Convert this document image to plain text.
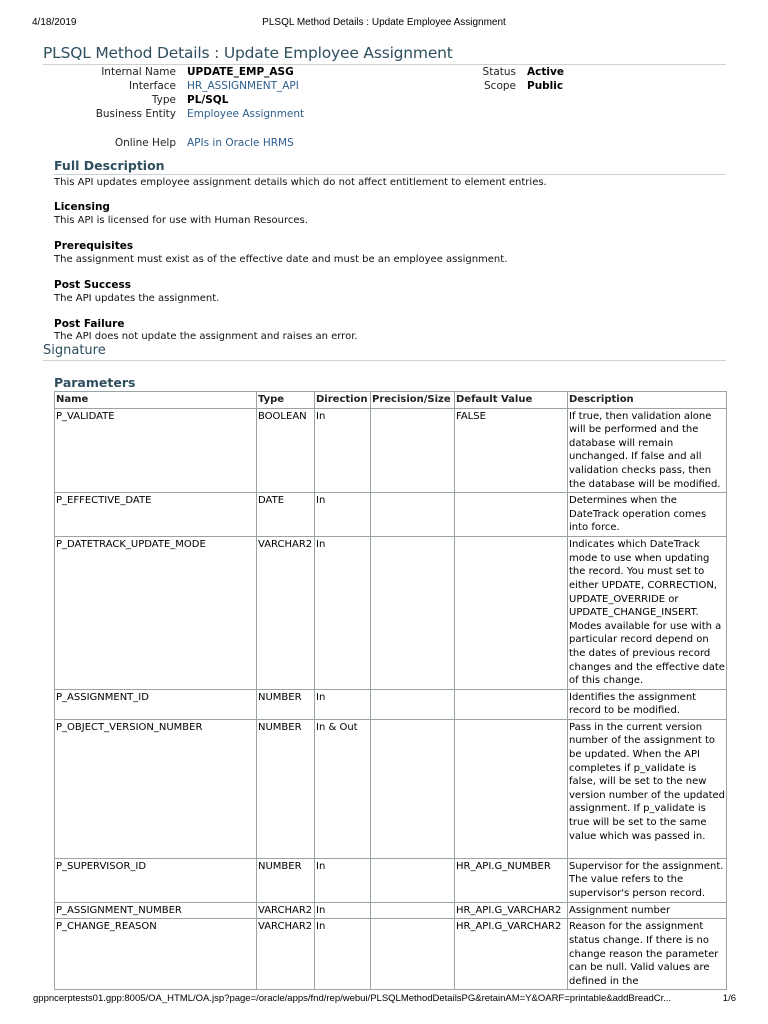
4/18/2019	PLSQL Method Details : Update Employee Assignment
PLSQL Method Details : Update Employee Assignment
Internal Name UPDATE_EMP_ASG
Interface HR_ASSIGNMENT_API
Type PL/SQL
Business Entity Employee Assignment
Online Help APIs in Oracle HRMS
Status Active
Scope Public
Full Description
This API updates employee assignment details which do not affect entitlement to element entries.
Licensing
This API is licensed for use with Human Resources.
Prerequisites
The assignment must exist as of the effective date and must be an employee assignment.
Post Success
The API updates the assignment.
Post Failure
The API does not update the assignment and raises an error.
Signature
Parameters
Name	Type	Direction	Precision/Size	Default Value	Description
P_VALIDATE	BOOLEAN	In		FALSE	If true, then validation alone will be performed and the database will remain unchanged. If false and all validation checks pass, then the database will be modified.
P_EFFECTIVE_DATE	DATE	In			Determines when the DateTrack operation comes into force.
P_DATETRACK_UPDATE_MODE	VARCHAR2	In			Indicates which DateTrack mode to use when updating the record. You must set to either UPDATE, CORRECTION, UPDATE_OVERRIDE or UPDATE_CHANGE_INSERT. Modes available for use with a particular record depend on the dates of previous record changes and the effective date of this change.
P_ASSIGNMENT_ID	NUMBER	In			Identifies the assignment record to be modified.
P_OBJECT_VERSION_NUMBER	NUMBER	In & Out			Pass in the current version number of the assignment to be updated. When the API completes if p_validate is false, will be set to the new version number of the updated assignment. If p_validate is true will be set to the same value which was passed in.
P_SUPERVISOR_ID	NUMBER	In		HR_API.G_NUMBER	Supervisor for the assignment. The value refers to the supervisor's person record.
P_ASSIGNMENT_NUMBER	VARCHAR2	In		HR_API.G_VARCHAR2	Assignment number
P_CHANGE_REASON	VARCHAR2	In		HR_API.G_VARCHAR2	Reason for the assignment status change. If there is no change reason the parameter can be null. Valid values are defined in the
gppncerptests01.gpp:8005/OA_HTML/OA.jsp?page=/oracle/apps/fnd/rep/webui/PLSQLMethodDetailsPG&retainAM=Y&OARF=printable&addBreadCr...	1/6
